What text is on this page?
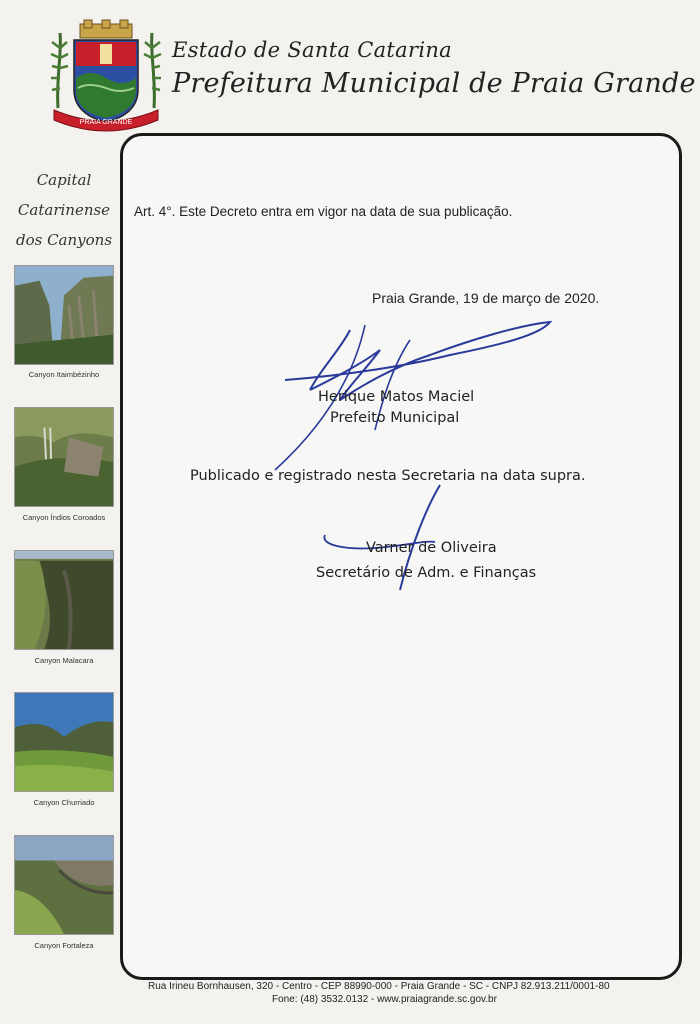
PRAIA GRANDE
Estado de Santa Catarina
Prefeitura Municipal de Praia Grande
Capital
Catarinense
dos Canyons
Canyon Itaimbézinho
Canyon Índios Coroados
Canyon Malacara
Canyon Churriado
Canyon Fortaleza
Art. 4°. Este Decreto entra em vigor na data de sua publicação.
Praia Grande, 19 de março de 2020.
Herique Matos Maciel
Prefeito Municipal
Publicado e registrado nesta Secretaria na data supra.
Varner de Oliveira
Secretário de Adm. e Finanças
Rua Irineu Bornhausen, 320 - Centro - CEP 88990-000 - Praia Grande - SC - CNPJ 82.913.211/0001-80
Fone: (48) 3532.0132 - www.praiagrande.sc.gov.br
